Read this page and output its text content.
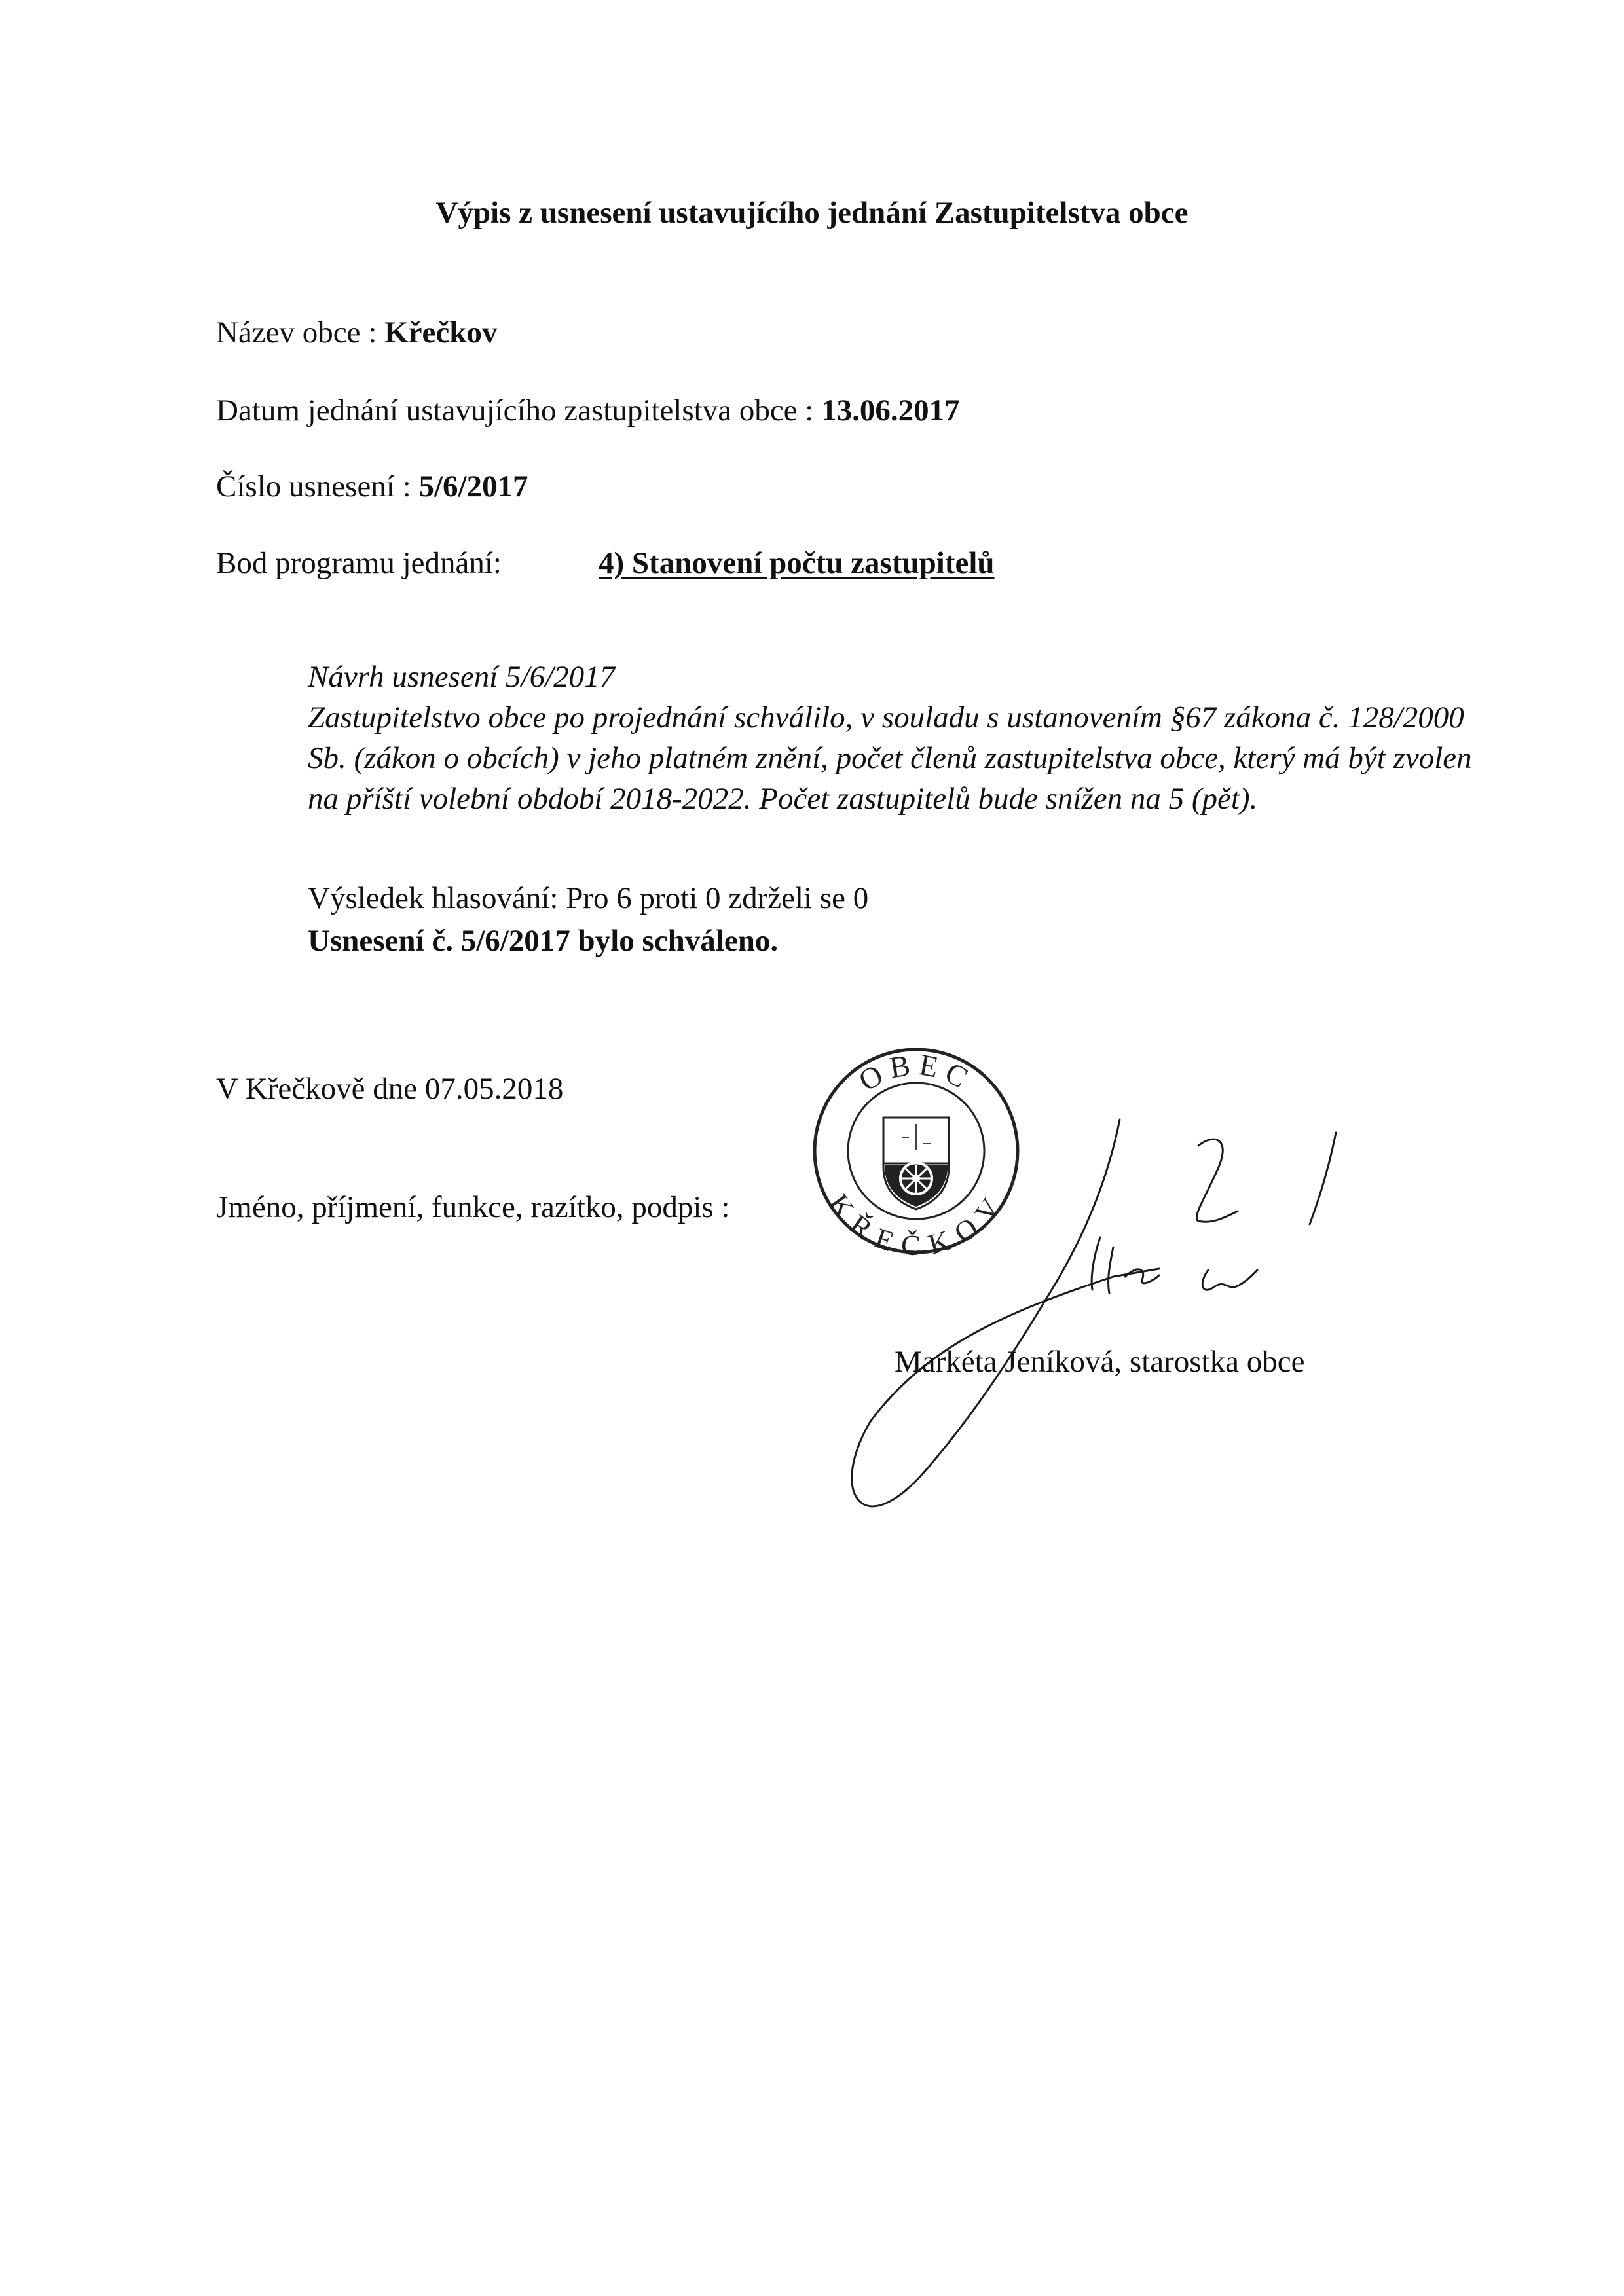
Výpis z usnesení ustavujícího jednání Zastupitelstva obce
Název obce : Křečkov
Datum jednání ustavujícího zastupitelstva obce : 13.06.2017
Číslo usnesení : 5/6/2017
Bod programu jednání:	4) Stanovení počtu zastupitelů

Návrh usnesení 5/6/2017

Zastupitelstvo obce po projednání schválilo, v souladu s ustanovením §67 zákona č. 128/2000 Sb. (zákon o obcích) v jeho platném znění, počet členů zastupitelstva obce, který má být zvolen na příští volební období 2018-2022. Počet zastupitelů bude snížen na 5 (pět).

Výsledek hlasování: Pro 6 proti 0 zdrželi se 0
Usnesení č. 5/6/2017 bylo schváleno.
V Křečkově dne 07.05.2018
Jméno, příjmení, funkce, razítko, podpis :
OBEC
KŘEČKOV
Markéta Jeníková, starostka obce
